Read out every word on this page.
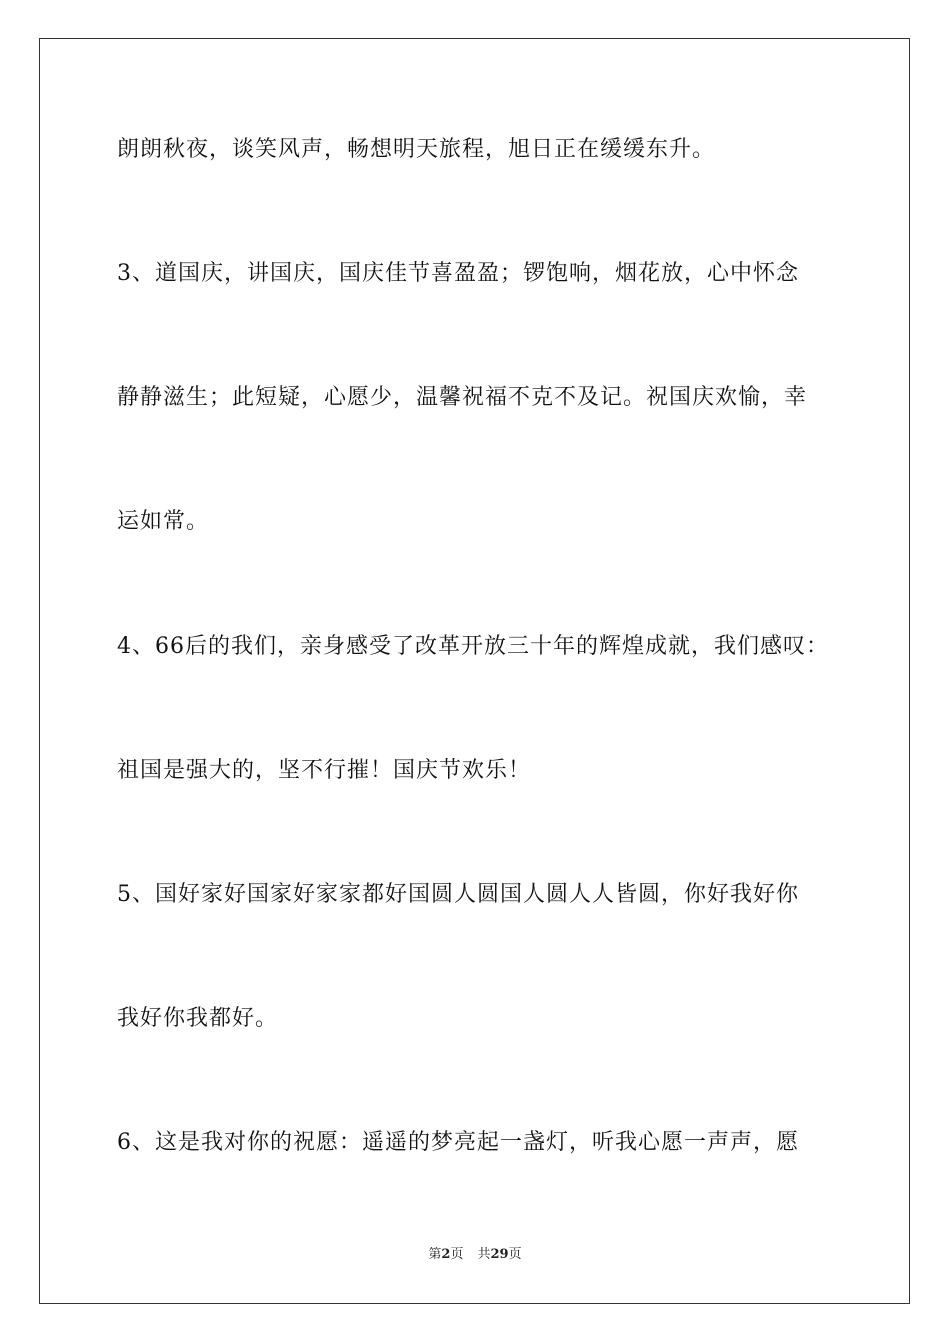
朗朗秋夜，谈笑风声，畅想明天旅程，旭日正在缓缓东升。
3、道国庆，讲国庆，国庆佳节喜盈盈；锣饱响，烟花放，心中怀念
静静滋生；此短疑，心愿少，温馨祝福不克不及记。祝国庆欢愉，幸
运如常。
4、66后的我们，亲身感受了改革开放三十年的辉煌成就，我们感叹：
祖国是强大的，坚不行摧！国庆节欢乐！
5、国好家好国家好家家都好国圆人圆国人圆人人皆圆，你好我好你
我好你我都好。
6、这是我对你的祝愿：遥遥的梦亮起一盏灯，听我心愿一声声，愿
第2页 共29页
